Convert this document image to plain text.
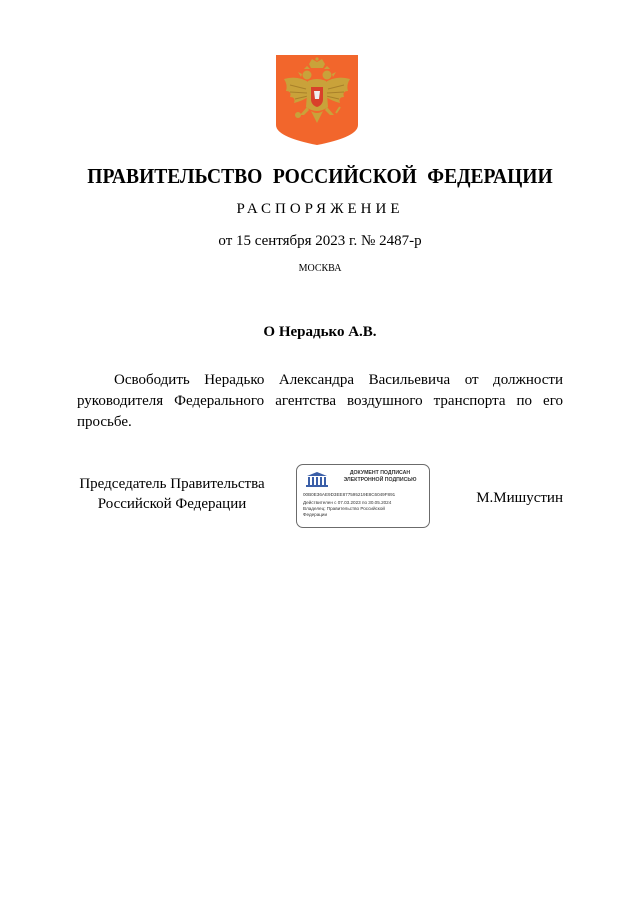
ПРАВИТЕЛЬСТВО РОССИЙСКОЙ ФЕДЕРАЦИИ
РАСПОРЯЖЕНИЕ
от 15 сентября 2023 г. № 2487-р
МОСКВА
О Нерадько А.В.

Освободить Нерадько Александра Васильевича от должности руководителя Федерального агентства воздушного транспорта по его просьбе.

Председатель Правительства
Российской Федерации
ДОКУМЕНТ ПОДПИСАН
ЭЛЕКТРОННОЙ ПОДПИСЬЮ
00B0E36AE9D3EE877595219E8C6049F891
Действителен с 07.03.2023 по 30.05.2024
Владелец: Правительство Российской Федерации
М.Мишустин
